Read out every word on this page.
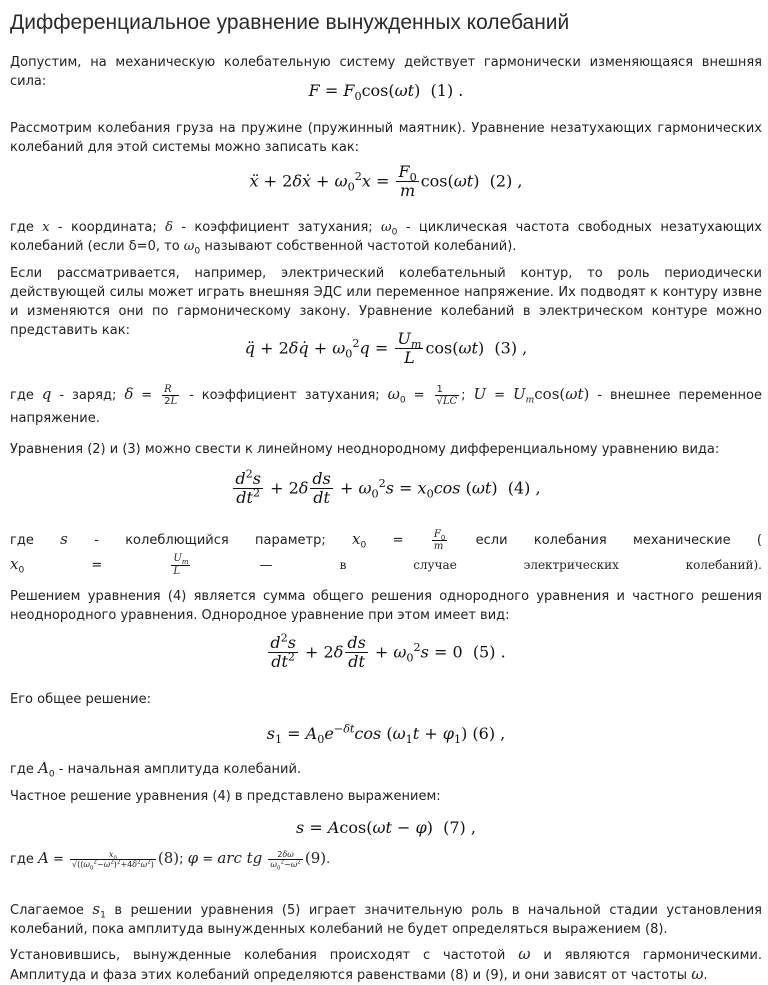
Дифференциальное уравнение вынужденных колебаний

Допустим, на механическую колебательную систему действует гармонически изменяющаяся внешняя сила:	$F = F_0\cos(\omega t)$  (1) .

Рассмотрим колебания груза на пружине (пружинный маятник). Уравнение незатухающих гармонических колебаний для этой системы можно записать как:

ẍ + 2δẋ + $\omega_0^2x = \frac{F_0}{m} \cos(\omega t)$  (2) ,

где x - координата; δ - коэффициент затухания; $\omega_0$ - циклическая частота свободных незатухающих колебаний (если δ=0, то $\omega_0$ называют собственной частотой колебаний).

Если рассматривается, например, электрический колебательный контур, то роль периодически действующей силы может играть внешняя ЭДС или переменное напряжение. Их подводят к контуру извне и изменяются они по гармоническому закону. Уравнение колебаний в электрическом контуре можно представить как:

q̈ + 2δq̇ + $\omega_0^2q = \frac{U_m}{L} \cos(\omega t)$  (3) ,

где q - заряд; $\delta = \frac{R}{2L}$ - коэффициент затухания; $\omega_0 = \frac{1}{√LC}$ ; $U = U_m\cos(\omega t)$ - внешнее переменное напряжение.

Уравнения (2) и (3) можно свести к линейному неоднородному дифференциальному уравнению вида:

$\frac{d^2s}{dt^2} + 2\delta \frac{ds}{dt} + \omega_0^2s = x_0\cos$ (ωt)  (4) ,

где s - колеблющийся параметр; $x_0 = \frac{F_0}{m}$ если колебания механические (
$x_0 = \frac{U_m}{L}$ — в случае электрических колебаний).

Решением уравнения (4) является сумма общего решения однородного уравнения и частного решения неоднородного уравнения. Однородное уравнение при этом имеет вид:

$\frac{d^2s}{dt^2} + 2\delta \frac{ds}{dt} + \omega_0^2s = 0$  (5) .

Его общее решение:

$s_1 = A_0e^{-\delta t}\cos$ $(\omega_1t + \varphi_1)$ (6) ,

где $A_0$ - начальная амплитуда колебаний.

Частное решение уравнения (4) в представлено выражением:

s = Acos(ωt − φ)  (7) ,

где $A = \frac{x_0}{√((\omega_0^2-\omega^2)^2+4\delta^2\omega^2)} (8)$; φ = arc tg $\frac{2\delta\omega}{\omega_0^2-\omega^2} (9)$.

Слагаемое $s_1$ в решении уравнения (5) играет значительную роль в начальной стадии установления колебаний, пока амплитуда вынужденных колебаний не будет определяться выражением (8).

Установившись, вынужденные колебания происходят с частотой ω и являются гармоническими. Амплитуда и фаза этих колебаний определяются равенствами (8) и (9), и они зависят от частоты ω.
